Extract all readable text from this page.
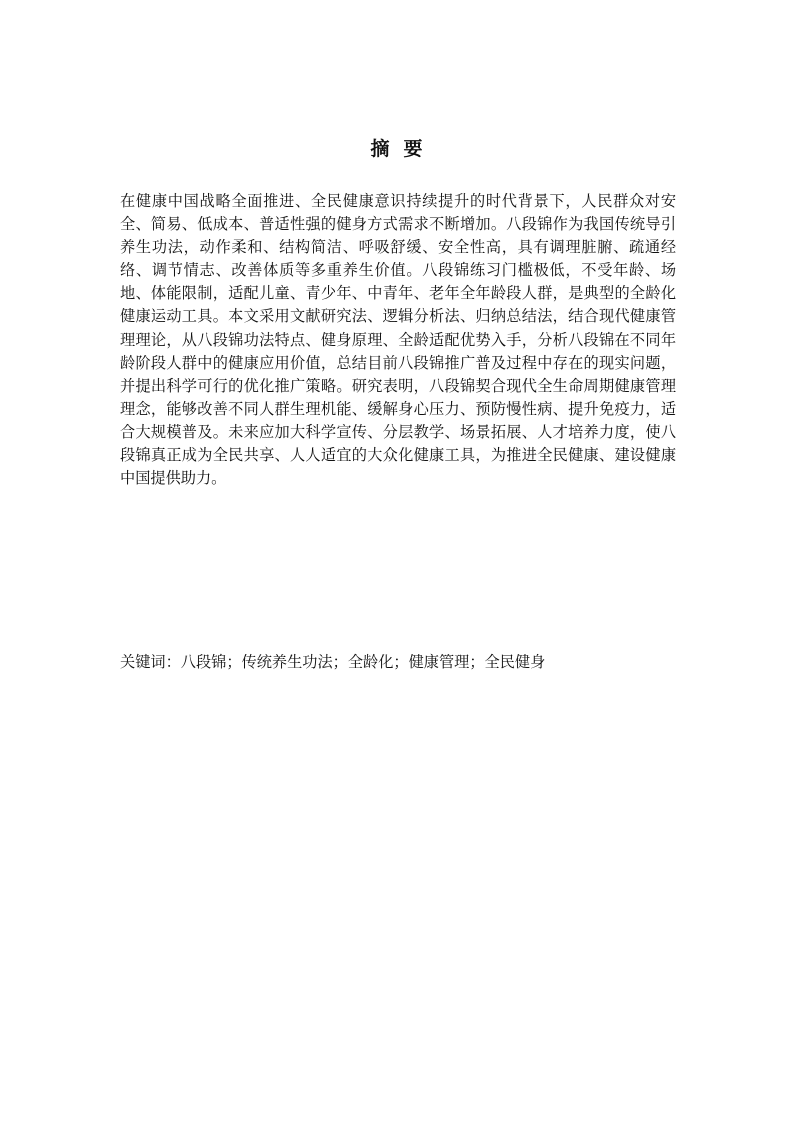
摘要

在健康中国战略全面推进、全民健康意识持续提升的时代背景下，人民群众对安全、简易、低成本、普适性强的健身方式需求不断增加。八段锦作为我国传统导引养生功法，动作柔和、结构简洁、呼吸舒缓、安全性高，具有调理脏腑、疏通经络、调节情志、改善体质等多重养生价值。八段锦练习门槛极低，不受年龄、场地、体能限制，适配儿童、青少年、中青年、老年全年龄段人群，是典型的全龄化健康运动工具。本文采用文献研究法、逻辑分析法、归纳总结法，结合现代健康管理理论，从八段锦功法特点、健身原理、全龄适配优势入手，分析八段锦在不同年龄阶段人群中的健康应用价值，总结目前八段锦推广普及过程中存在的现实问题，并提出科学可行的优化推广策略。研究表明，八段锦契合现代全生命周期健康管理理念，能够改善不同人群生理机能、缓解身心压力、预防慢性病、提升免疫力，适合大规模普及。未来应加大科学宣传、分层教学、场景拓展、人才培养力度，使八段锦真正成为全民共享、人人适宜的大众化健康工具，为推进全民健康、建设健康中国提供助力。

关键词：八段锦；传统养生功法；全龄化；健康管理；全民健身
